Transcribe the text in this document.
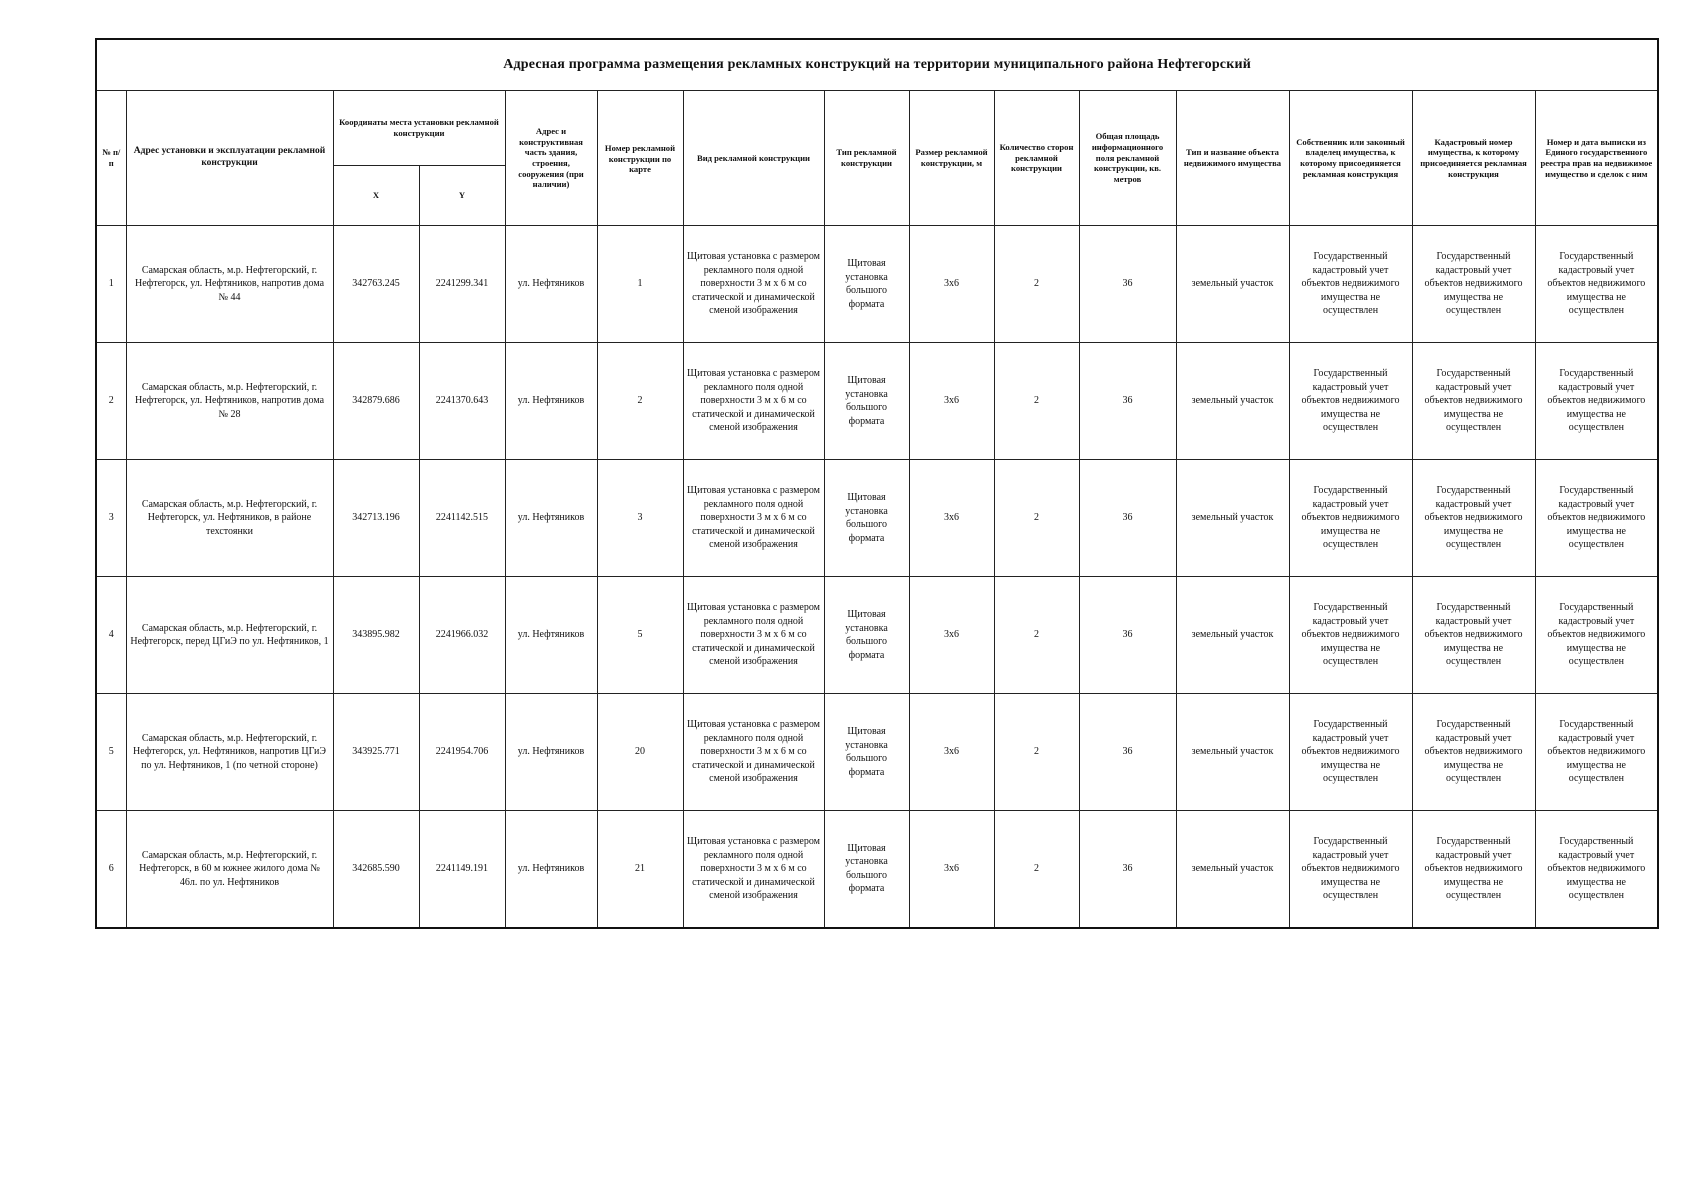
Адресная программа размещения рекламных конструкций на территории муниципального района Нефтегорский														
№ п/п	Адрес установки и эксплуатации рекламной конструкции	Координаты места установки рекламной конструкции		Адрес и конструктивная часть здания, строения, сооружения (при наличии)	Номер рекламной конструкции по карте	Вид рекламной конструкции	Тип рекламной конструкции	Размер рекламной конструкции, м	Количество сторон рекламной конструкции	Общая площадь информационного поля рекламной конструкции, кв. метров	Тип и название объекта недвижимого имущества	Собственник или законный владелец имущества, к которому присоединяется рекламная конструкция	Кадастровый номер имущества, к которому присоединяется рекламная конструкция	Номер и дата выписки из Единого государственного реестра прав на недвижимое имущество и сделок с ним
		X	Y											
1	Самарская область, м.р. Нефтегорский, г. Нефтегорск, ул. Нефтяников, напротив дома № 44	342763.245	2241299.341	ул. Нефтяников	1	Щитовая установка с размером рекламного поля одной поверхности 3 м х 6 м со статической и динамической сменой изображения	Щитовая установка большого формата	3х6	2	36	земельный участок	Государственный кадастровый учет объектов недвижимого имущества не осуществлен	Государственный кадастровый учет объектов недвижимого имущества не осуществлен	Государственный кадастровый учет объектов недвижимого имущества не осуществлен
2	Самарская область, м.р. Нефтегорский, г. Нефтегорск, ул. Нефтяников, напротив дома № 28	342879.686	2241370.643	ул. Нефтяников	2	Щитовая установка с размером рекламного поля одной поверхности 3 м х 6 м со статической и динамической сменой изображения	Щитовая установка большого формата	3х6	2	36	земельный участок	Государственный кадастровый учет объектов недвижимого имущества не осуществлен	Государственный кадастровый учет объектов недвижимого имущества не осуществлен	Государственный кадастровый учет объектов недвижимого имущества не осуществлен
3	Самарская область, м.р. Нефтегорский, г. Нефтегорск, ул. Нефтяников, в районе техстоянки	342713.196	2241142.515	ул. Нефтяников	3	Щитовая установка с размером рекламного поля одной поверхности 3 м х 6 м со статической и динамической сменой изображения	Щитовая установка большого формата	3х6	2	36	земельный участок	Государственный кадастровый учет объектов недвижимого имущества не осуществлен	Государственный кадастровый учет объектов недвижимого имущества не осуществлен	Государственный кадастровый учет объектов недвижимого имущества не осуществлен
4	Самарская область, м.р. Нефтегорский, г. Нефтегорск, перед ЦГиЭ по ул. Нефтяников, 1	343895.982	2241966.032	ул. Нефтяников	5	Щитовая установка с размером рекламного поля одной поверхности 3 м х 6 м со статической и динамической сменой изображения	Щитовая установка большого формата	3х6	2	36	земельный участок	Государственный кадастровый учет объектов недвижимого имущества не осуществлен	Государственный кадастровый учет объектов недвижимого имущества не осуществлен	Государственный кадастровый учет объектов недвижимого имущества не осуществлен
5	Самарская область, м.р. Нефтегорский, г. Нефтегорск, ул. Нефтяников, напротив ЦГиЭ по ул. Нефтяников, 1 (по четной стороне)	343925.771	2241954.706	ул. Нефтяников	20	Щитовая установка с размером рекламного поля одной поверхности 3 м х 6 м со статической и динамической сменой изображения	Щитовая установка большого формата	3х6	2	36	земельный участок	Государственный кадастровый учет объектов недвижимого имущества не осуществлен	Государственный кадастровый учет объектов недвижимого имущества не осуществлен	Государственный кадастровый учет объектов недвижимого имущества не осуществлен
6	Самарская область, м.р. Нефтегорский, г. Нефтегорск, в 60 м южнее жилого дома № 46л. по ул. Нефтяников	342685.590	2241149.191	ул. Нефтяников	21	Щитовая установка с размером рекламного поля одной поверхности 3 м х 6 м со статической и динамической сменой изображения	Щитовая установка большого формата	3х6	2	36	земельный участок	Государственный кадастровый учет объектов недвижимого имущества не осуществлен	Государственный кадастровый учет объектов недвижимого имущества не осуществлен	Государственный кадастровый учет объектов недвижимого имущества не осуществлен
